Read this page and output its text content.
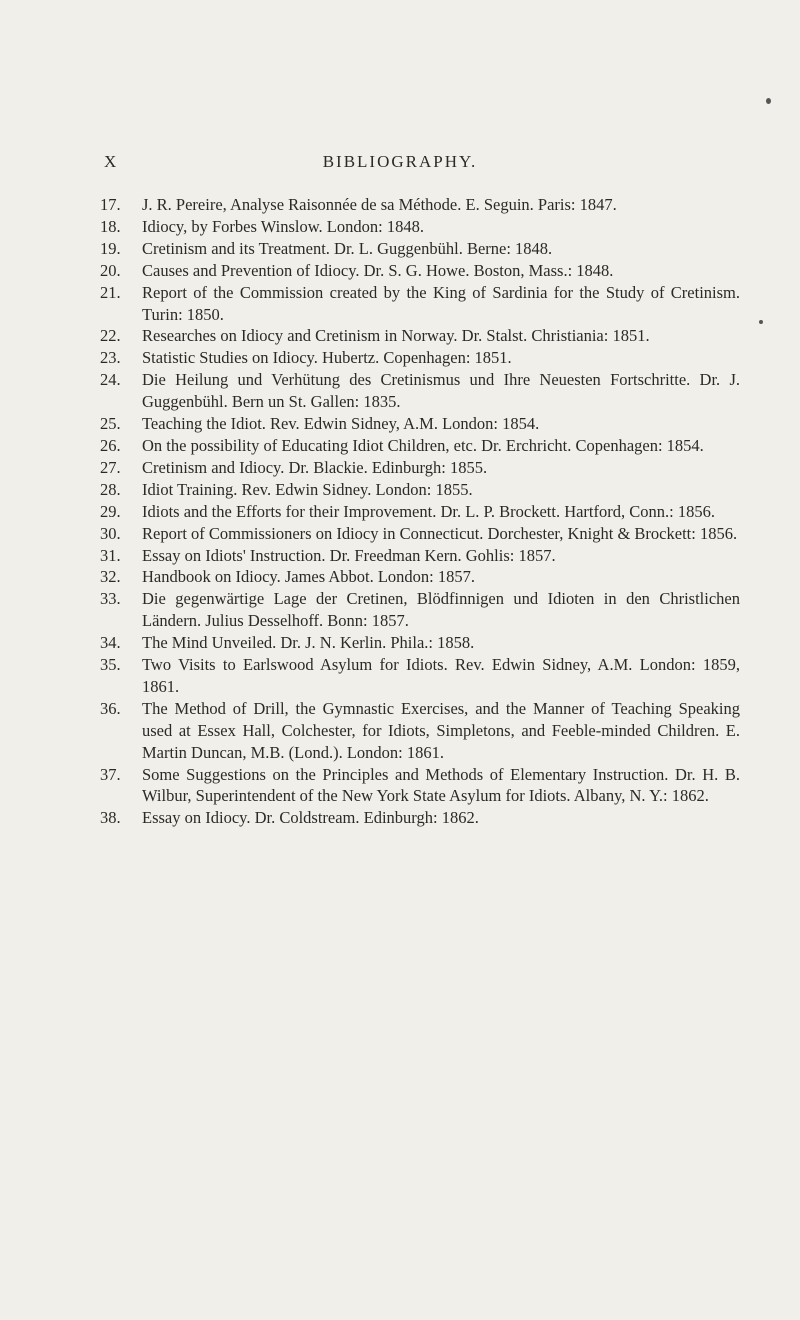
X	BIBLIOGRAPHY.
17. J. R. Pereire, Analyse Raisonnée de sa Méthode. E. Seguin. Paris: 1847.
18. Idiocy, by Forbes Winslow. London: 1848.
19. Cretinism and its Treatment. Dr. L. Guggenbühl. Berne: 1848.
20. Causes and Prevention of Idiocy. Dr. S. G. Howe. Boston, Mass.: 1848.
21. Report of the Commission created by the King of Sardinia for the Study of Cretinism. Turin: 1850.
22. Researches on Idiocy and Cretinism in Norway. Dr. Stalst. Christiania: 1851.
23. Statistic Studies on Idiocy. Hubertz. Copenhagen: 1851.
24. Die Heilung und Verhütung des Cretinismus und Ihre Neuesten Fortschritte. Dr. J. Guggenbühl. Bern un St. Gallen: 1835.
25. Teaching the Idiot. Rev. Edwin Sidney, A.M. London: 1854.
26. On the possibility of Educating Idiot Children, etc. Dr. Erchricht. Copenhagen: 1854.
27. Cretinism and Idiocy. Dr. Blackie. Edinburgh: 1855.
28. Idiot Training. Rev. Edwin Sidney. London: 1855.
29. Idiots and the Efforts for their Improvement. Dr. L. P. Brockett. Hartford, Conn.: 1856.
30. Report of Commissioners on Idiocy in Connecticut. Dorchester, Knight & Brockett: 1856.
31. Essay on Idiots' Instruction. Dr. Freedman Kern. Gohlis: 1857.
32. Handbook on Idiocy. James Abbot. London: 1857.
33. Die gegenwärtige Lage der Cretinen, Blödfinnigen und Idioten in den Christlichen Ländern. Julius Desselhoff. Bonn: 1857.
34. The Mind Unveiled. Dr. J. N. Kerlin. Phila.: 1858.
35. Two Visits to Earlswood Asylum for Idiots. Rev. Edwin Sidney, A.M. London: 1859, 1861.
36. The Method of Drill, the Gymnastic Exercises, and the Manner of Teaching Speaking used at Essex Hall, Colchester, for Idiots, Simpletons, and Feeble-minded Children. E. Martin Duncan, M.B. (Lond.). London: 1861.
37. Some Suggestions on the Principles and Methods of Elementary Instruction. Dr. H. B. Wilbur, Superintendent of the New York State Asylum for Idiots. Albany, N. Y.: 1862.
38. Essay on Idiocy. Dr. Coldstream. Edinburgh: 1862.
